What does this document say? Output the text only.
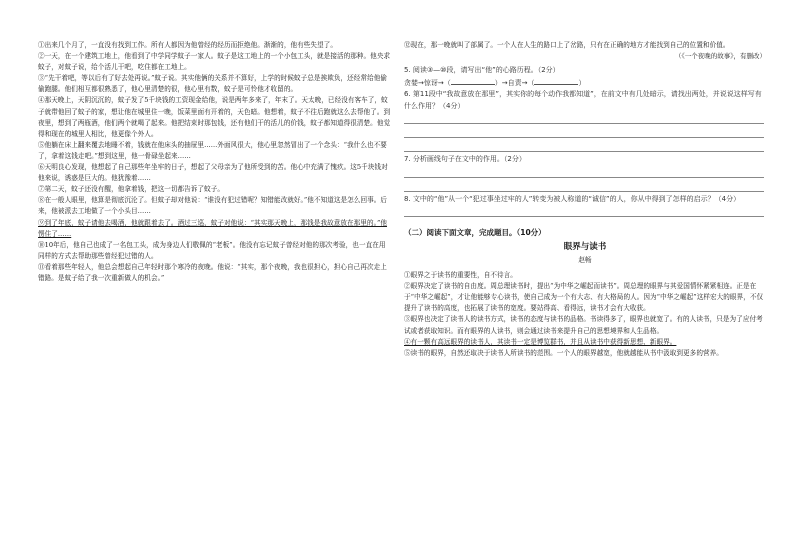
①出来几个月了，一直没有找到工作。所有人都因为他曾经的经历而拒绝他。渐渐的，他有些失望了。

②一天，在一个建筑工地上，他看到了中学同学蚊子一家人。蚊子是这工地上的一个小包工头，就是接活的那种。他央求蚊子，对蚊子说，给个活儿干吧，吃住都在工地上。

③“先干着吧，等以后有了好去处再说。”蚊子说。其实他俩的关系并不算好，上学的时候蚊子总是挨欺负，还经常给他偷偷跑腿。他们相互都很熟悉了，他心里清楚的很，他心里有数，蚊子是可怜他才收留的。

④那天晚上，天阴沉沉的，蚊子发了5千块钱的工资现金给他，说是两年多来了，年末了。天太晚，已经没有客车了，蚊子就带他回了蚊子的家，想让他在城里住一晚，饭菜里面有开着的，天色暗。他想着，蚊子不往后跑就这么去帮他了。到夜里，想到了两瓶酒，他们两个就喝了起来。他把结束时那包钱，还有他们干的活儿的价钱，蚊子都知道得很清楚。他觉得和现在的城里人相比，他更像个外人。

⑤他躺在床上翻来覆去地睡不着，钱就在他床头的抽屉里……外面风很大，他心里忽然冒出了一个念头：“我什么也不要了，拿着这钱走吧。”想到这里，他一骨碌坐起来……

⑥天明良心发现，他想起了自己那些年坐牢的日子，想起了父母亲为了他所受到的苦。他心中充满了愧疚。这5千块钱对他来说，诱惑是巨大的。他犹豫着……

⑦第二天，蚊子还没有醒，他拿着钱，把这一切都告诉了蚊子。

⑧在一般人眼里，他算是彻底沉沦了。但蚊子却对他说：“谁没有犯过错呢？知错能改就好。”他不知道这是怎么回事。后来，他被派去工地做了一个小头目……

⑨到了年底，蚊子请他去喝酒，他就跟着去了。酒过三巡，蚊子对他说：“其实那天晚上，那钱是我故意放在那里的。”他愣住了……

⑩10年后，他自己也成了一名包工头，成为身边人们敬佩的“老板”。他没有忘记蚊子曾经对他的那次考验，也一直在用同样的方式去帮助那些曾经犯过错的人。

⑪看着那些年轻人，他总会想起自己年轻时那个寒冷的夜晚。他说：“其实，那个夜晚，我也很担心，担心自己再次走上错路。是蚊子给了我一次重新做人的机会。”

⑫现在，那一晚就叫了部属了。一个人在人生的路口上了岔路，只有在正确的地方才能找到自己的位置和价值。

（《一个夜晚的故事》，有删改）

5. 阅读③—⑩段，请写出“他”的心路历程。（2分）

贪婪→惊讶→（	）→自责→（	）

6. 第11段中“我故意放在那里”，其实你的每个动作我都知道”，在前文中有几处暗示，请找出两处，并说说这样写有什么作用？（4分）

7. 分析画线句子在文中的作用。（2分）

8. 文中的“他”从一个“犯过事坐过牢的人”转变为被人称道的“诚信”的人，你从中得到了怎样的启示？（4分）

（二）阅读下面文章，完成题目。（10分）

眼界与读书

赵畅

①眼界之于读书的重要性，自不待言。

②眼界决定了读书的自由度。周总理读书时，提出“为中华之崛起而读书”。周总理的眼界与其爱国情怀紧紧相连。正是在于“中华之崛起”，才让他能够专心读书，使自己成为一个有大志、有大格局的人。因为“中华之崛起”这样宏大的眼界，不仅提升了读书的高度，也拓展了读书的宽度。要站得高、看得远，读书才会有大收获。

③眼界也决定了读书人的读书方式，读书的态度与读书的品格。书读得多了，眼界也就宽了。有的人读书，只是为了应付考试或者获取知识。而有眼界的人读书，则会通过读书来提升自己的思想境界和人生品格。

④有一颗有高远眼界的读书人，其读书一定是博览群书，并且从读书中获得新思想、新眼界。

⑤读书的眼界，自然还取决于读书人所读书的范围。一个人的眼界越宽，他就越能从书中汲取到更多的营养。
